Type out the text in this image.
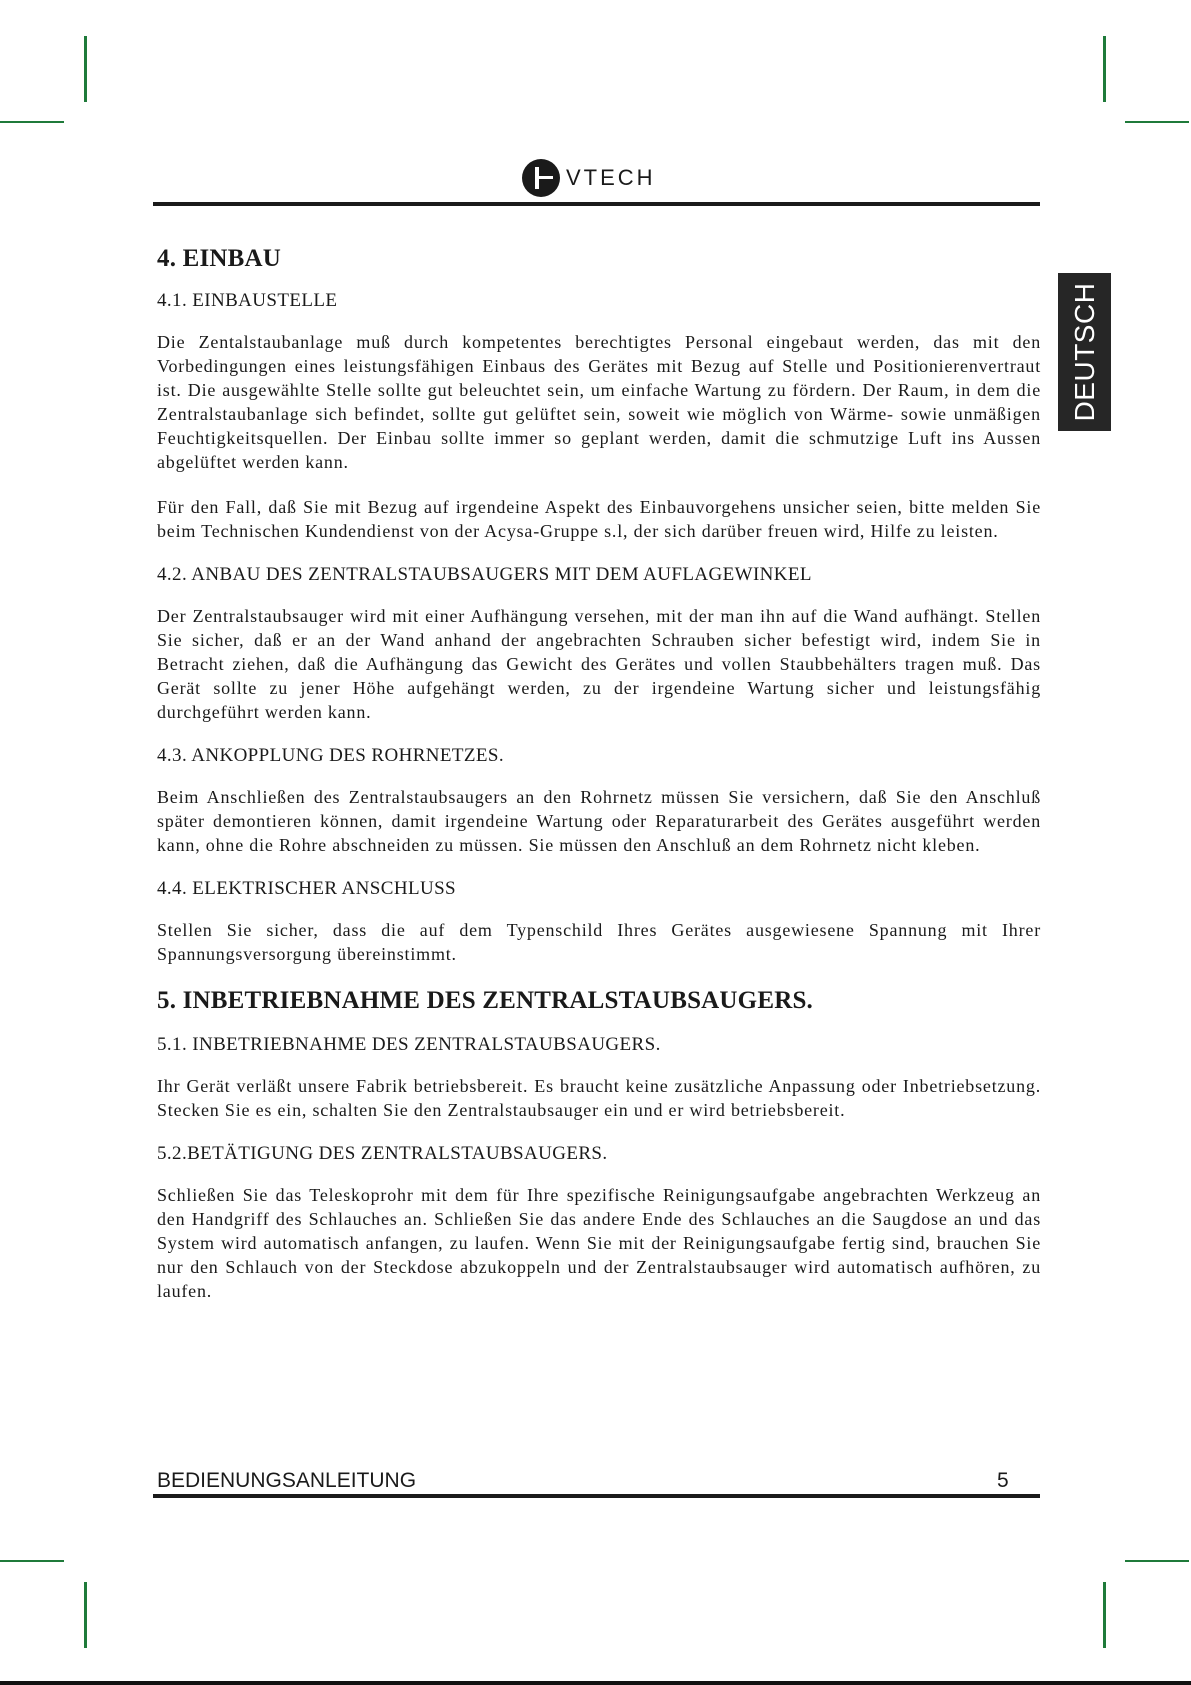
VTECH
DEUTSCH
4. EINBAU
4.1. EINBAUSTELLE

Die Zentalstaubanlage muß durch kompetentes berechtigtes Personal eingebaut werden, das mit den Vorbedingungen eines leistungsfähigen Einbaus des Gerätes mit Bezug auf Stelle und Positionierenvertraut ist. Die ausgewählte Stelle sollte gut beleuchtet sein, um einfache Wartung zu fördern. Der Raum, in dem die Zentralstaubanlage sich befindet, sollte gut gelüftet sein, soweit wie möglich von Wärme- sowie unmäßigen Feuchtigkeitsquellen. Der Einbau sollte immer so geplant werden, damit die schmutzige Luft ins Aussen abgelüftet werden kann.

Für den Fall, daß Sie mit Bezug auf irgendeine Aspekt des Einbauvorgehens unsicher seien, bitte melden Sie beim Technischen Kundendienst von der Acysa-Gruppe s.l, der sich darüber freuen wird, Hilfe zu leisten.

4.2. ANBAU DES ZENTRALSTAUBSAUGERS MIT DEM AUFLAGEWINKEL

Der Zentralstaubsauger wird mit einer Aufhängung versehen, mit der man ihn auf die Wand aufhängt. Stellen Sie sicher, daß er an der Wand anhand der angebrachten Schrauben sicher befestigt wird, indem Sie in Betracht ziehen, daß die Aufhängung das Gewicht des Gerätes und vollen Staubbehälters tragen muß. Das Gerät sollte zu jener Höhe aufgehängt werden, zu der irgendeine Wartung sicher und leistungsfähig durchgeführt werden kann.

4.3. ANKOPPLUNG DES ROHRNETZES.

Beim Anschließen des Zentralstaubsaugers an den Rohrnetz müssen Sie versichern, daß Sie den Anschluß später demontieren können, damit irgendeine Wartung oder Reparaturarbeit des Gerätes ausgeführt werden kann, ohne die Rohre abschneiden zu müssen. Sie müssen den Anschluß an dem Rohrnetz nicht kleben.

4.4. ELEKTRISCHER ANSCHLUSS

Stellen Sie sicher, dass die auf dem Typenschild Ihres Gerätes ausgewiesene Spannung mit Ihrer Spannungsversorgung übereinstimmt.

5. INBETRIEBNAHME DES ZENTRALSTAUBSAUGERS.
5.1. INBETRIEBNAHME DES ZENTRALSTAUBSAUGERS.

Ihr Gerät verläßt unsere Fabrik betriebsbereit. Es braucht keine zusätzliche Anpassung oder Inbetriebsetzung. Stecken Sie es ein, schalten Sie den Zentralstaubsauger ein und er wird betriebsbereit.

5.2.BETÄTIGUNG DES ZENTRALSTAUBSAUGERS.

Schließen Sie das Teleskoprohr mit dem für Ihre spezifische Reinigungsaufgabe angebrachten Werkzeug an den Handgriff des Schlauches an. Schließen Sie das andere Ende des Schlauches an die Saugdose an und das System wird automatisch anfangen, zu laufen. Wenn Sie mit der Reinigungsaufgabe fertig sind, brauchen Sie nur den Schlauch von der Steckdose abzukoppeln und der Zentralstaubsauger wird automatisch aufhören, zu laufen.

BEDIENUNGSANLEITUNG	5
